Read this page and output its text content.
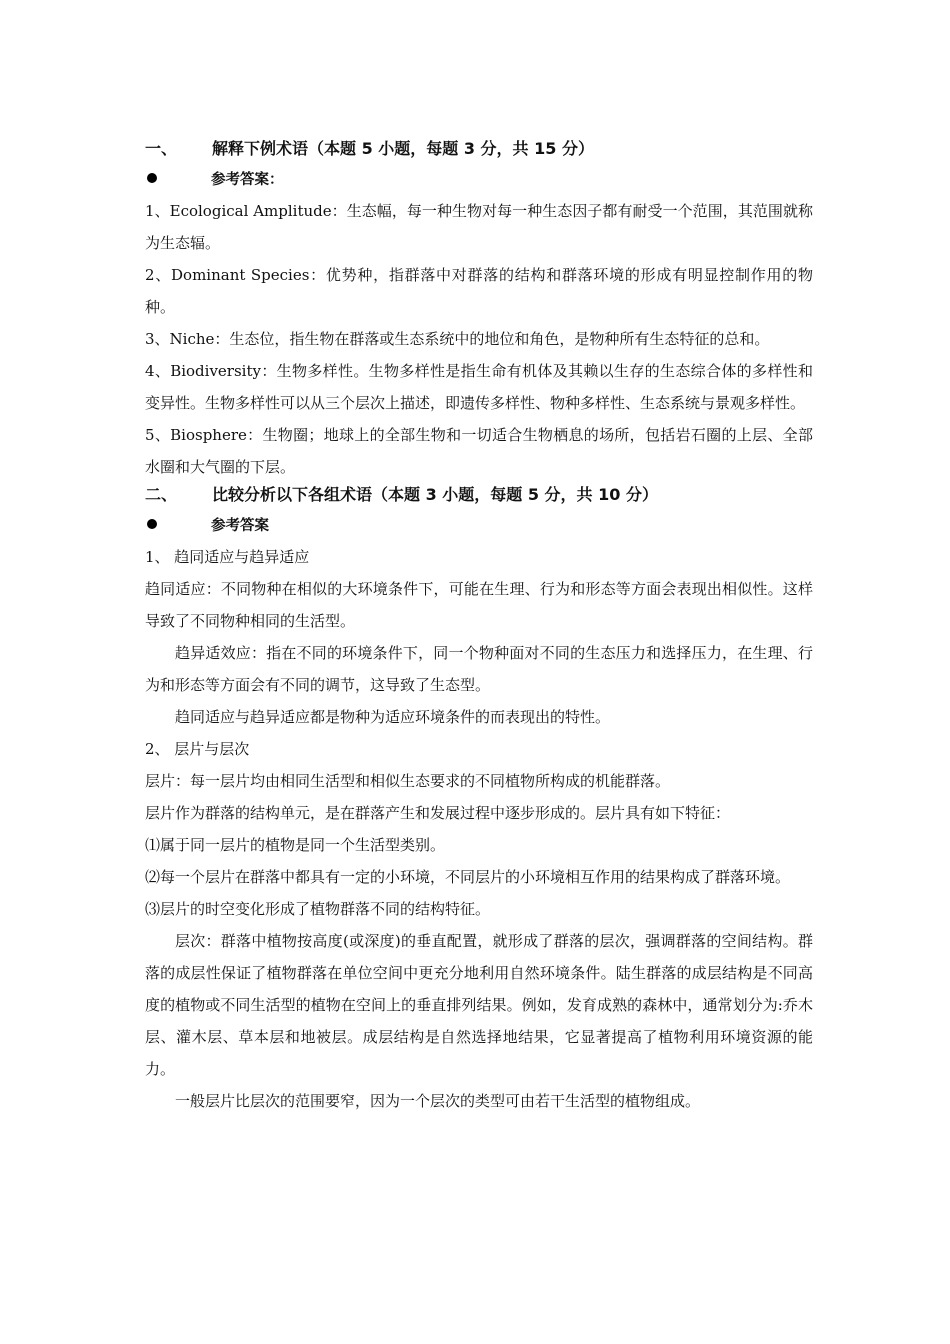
一、	解释下例术语（本题 5 小题，每题 3 分，共 15 分）
参考答案：

1、Ecological Amplitude：生态幅，每一种生物对每一种生态因子都有耐受一个范围，其范围就称为生态辐。

2、Dominant Species：优势种，指群落中对群落的结构和群落环境的形成有明显控制作用的物种。

3、Niche：生态位，指生物在群落或生态系统中的地位和角色，是物种所有生态特征的总和。

4、Biodiversity：生物多样性。生物多样性是指生命有机体及其赖以生存的生态综合体的多样性和变异性。生物多样性可以从三个层次上描述，即遗传多样性、物种多样性、生态系统与景观多样性。

5、Biosphere：生物圈；地球上的全部生物和一切适合生物栖息的场所，包括岩石圈的上层、全部水圈和大气圈的下层。

二、	比较分析以下各组术语（本题 3 小题，每题 5 分，共 10 分）
参考答案

1、 趋同适应与趋异适应

趋同适应：不同物种在相似的大环境条件下，可能在生理、行为和形态等方面会表现出相似性。这样导致了不同物种相同的生活型。

趋异适效应：指在不同的环境条件下，同一个物种面对不同的生态压力和选择压力，在生理、行为和形态等方面会有不同的调节，这导致了生态型。

趋同适应与趋异适应都是物种为适应环境条件的而表现出的特性。

2、 层片与层次

层片：每一层片均由相同生活型和相似生态要求的不同植物所构成的机能群落。

层片作为群落的结构单元，是在群落产生和发展过程中逐步形成的。层片具有如下特征：

⑴属于同一层片的植物是同一个生活型类别。

⑵每一个层片在群落中都具有一定的小环境，不同层片的小环境相互作用的结果构成了群落环境。

⑶层片的时空变化形成了植物群落不同的结构特征。

层次：群落中植物按高度(或深度)的垂直配置，就形成了群落的层次，强调群落的空间结构。群落的成层性保证了植物群落在单位空间中更充分地利用自然环境条件。陆生群落的成层结构是不同高度的植物或不同生活型的植物在空间上的垂直排列结果。例如，发育成熟的森林中，通常划分为:乔木层、灌木层、草本层和地被层。成层结构是自然选择地结果，它显著提高了植物利用环境资源的能力。

一般层片比层次的范围要窄，因为一个层次的类型可由若干生活型的植物组成。
